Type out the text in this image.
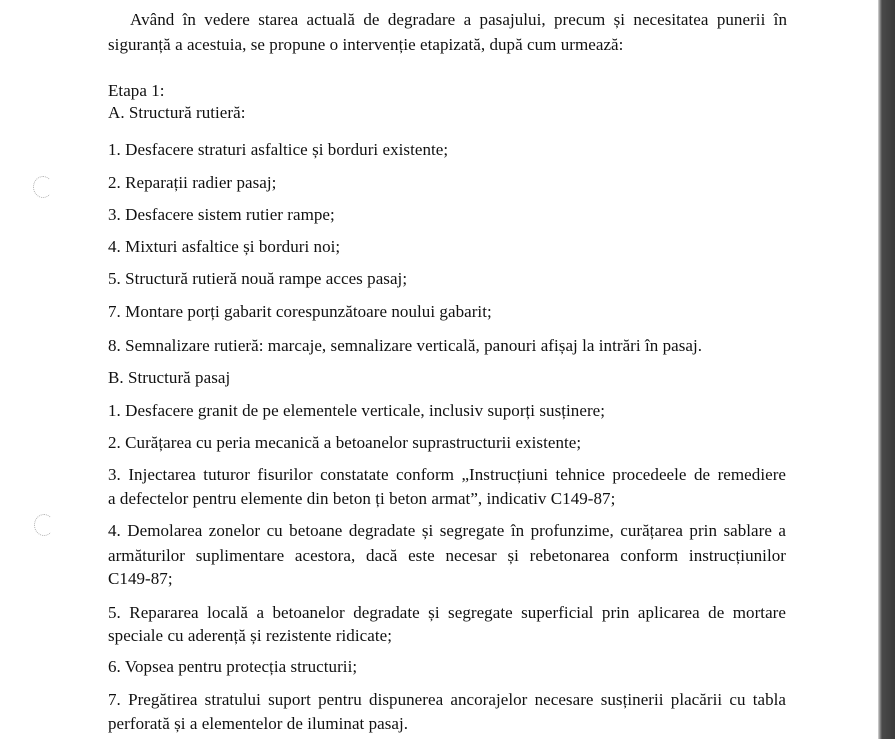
Având în vedere starea actuală de degradare a pasajului, precum și necesitatea punerii în
siguranță a acestuia, se propune o intervenție etapizată, după cum urmează:
Etapa 1:
A. Structură rutieră:
1. Desfacere straturi asfaltice și borduri existente;
2. Reparații radier pasaj;
3. Desfacere sistem rutier rampe;
4. Mixturi asfaltice și borduri noi;
5. Structură rutieră nouă rampe acces pasaj;
7. Montare porți gabarit corespunzătoare noului gabarit;
8. Semnalizare rutieră: marcaje, semnalizare verticală, panouri afișaj la intrări în pasaj.
B. Structură pasaj
1. Desfacere granit de pe elementele verticale, inclusiv suporți susținere;
2. Curățarea cu peria mecanică a betoanelor suprastructurii existente;
3. Injectarea tuturor fisurilor constatate conform „Instrucțiuni tehnice procedeele de remediere
a defectelor pentru elemente din beton ți beton armat”, indicativ C149-87;
4. Demolarea zonelor cu betoane degradate și segregate în profunzime, curățarea prin sablare a
armăturilor suplimentare acestora, dacă este necesar și rebetonarea conform instrucțiunilor
C149-87;
5. Repararea locală a betoanelor degradate și segregate superficial prin aplicarea de mortare
speciale cu aderență și rezistente ridicate;
6. Vopsea pentru protecția structurii;
7. Pregătirea stratului suport pentru dispunerea ancorajelor necesare susținerii placării cu tabla
perforată și a elementelor de iluminat pasaj.
